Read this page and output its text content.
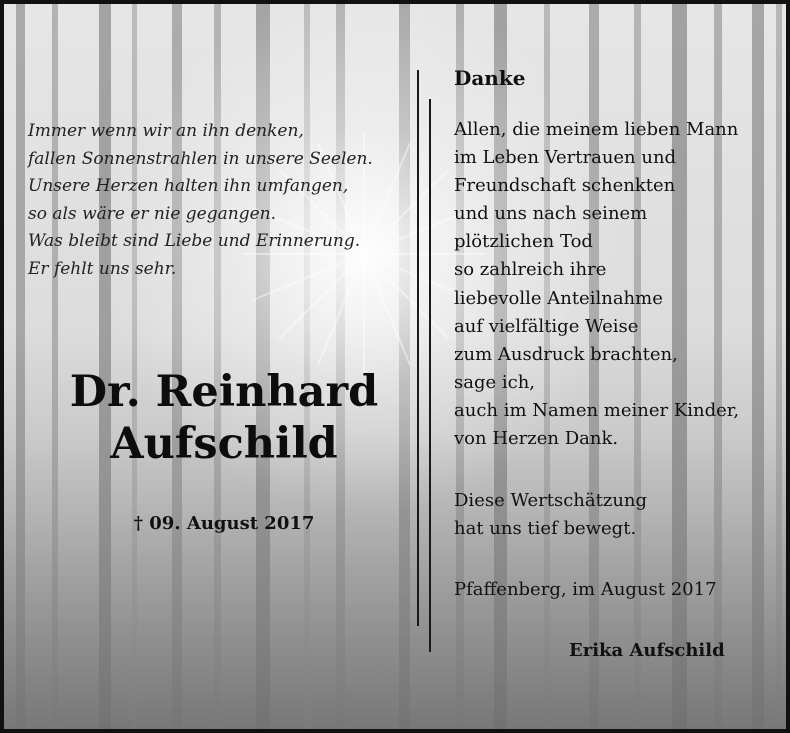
Immer wenn wir an ihn denken,
fallen Sonnenstrahlen in unsere Seelen.
Unsere Herzen halten ihn umfangen,
so als wäre er nie gegangen.
Was bleibt sind Liebe und Erinnerung.
Er fehlt uns sehr.
Dr. Reinhard
Aufschild
† 09. August 2017
Danke
Allen, die meinem lieben Mann
im Leben Vertrauen und
Freundschaft schenkten
und uns nach seinem
plötzlichen Tod
so zahlreich ihre
liebevolle Anteilnahme
auf vielfältige Weise
zum Ausdruck brachten,
sage ich,
auch im Namen meiner Kinder,
von Herzen Dank.
Diese Wertschätzung
hat uns tief bewegt.
Pfaffenberg, im August 2017
Erika Aufschild
